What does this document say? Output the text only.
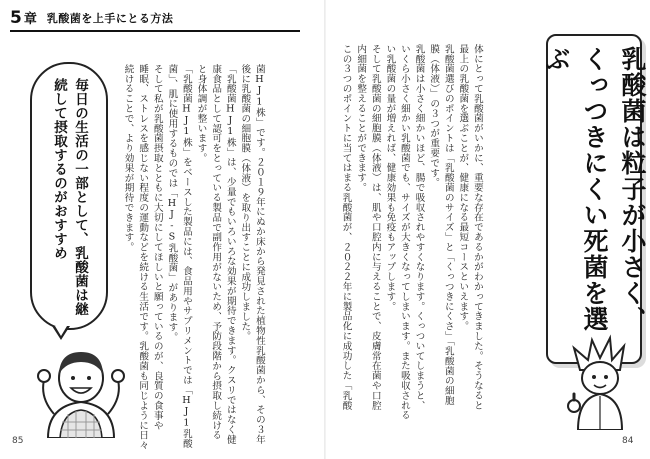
5 章 乳酸菌を上手にとる方法
毎日の生活の一部として、乳酸菌は継続して摂取するのがおすすめ	菌HJ1株」です。２０１９年にぬか床から発見された植物性乳酸菌から、その３年
後に乳酸菌の細胞膜（体液）を取り出すことに成功しました。
「乳酸菌HJ1株」は、少量でもいろいろな効果が期待できます。クスリではなく健
康食品として認可をとっている製品で副作用がないため、予防段階から摂取し続ける
と身体調が整います。
「乳酸菌HJ1株」をベースした製品には、食品用やサプリメントでは「HJ1乳酸
菌」、肌に使用するものでは「HJ‐S乳酸菌」があります。
そして私が乳酸菌摂取とともに大切にしてほしいと願っているのが、良質の食事や
睡眠、ストレスを感じない程度の運動などを続ける生活です。乳酸菌も同じように日々
続けることで、より効果が期待できます。
85
体にとって乳酸菌がいかに、重要な存在であるかがわかってきました。そうなると
最上の乳酸菌を選ぶことが、健康になる最短コースといえます。
乳酸菌選びのポイントは「乳酸菌のサイズ」と「くっつきにくさ」「乳酸菌の細胞
膜（体液）」の３つが重要です。
乳酸菌は小さく細かいほど、腸で吸収されやすくなります。くっついてしまうと、
いくら小さく細かい乳酸菌でも、サイズが大きくなってしまいます。また吸収される
い乳酸菌の量が増えれば、健康効果も免疫もアップします。
そして乳酸菌の細胞膜（体液）は、肌や口腔内に与えることで、皮膚常在菌や口腔
内細菌を整えることができます。
この３つのポイントに当てはまる乳酸菌が、２０２２年に製品化に成功した「乳酸	乳酸菌は粒子が小さく、くっつきにくい死菌を選ぶ
84
